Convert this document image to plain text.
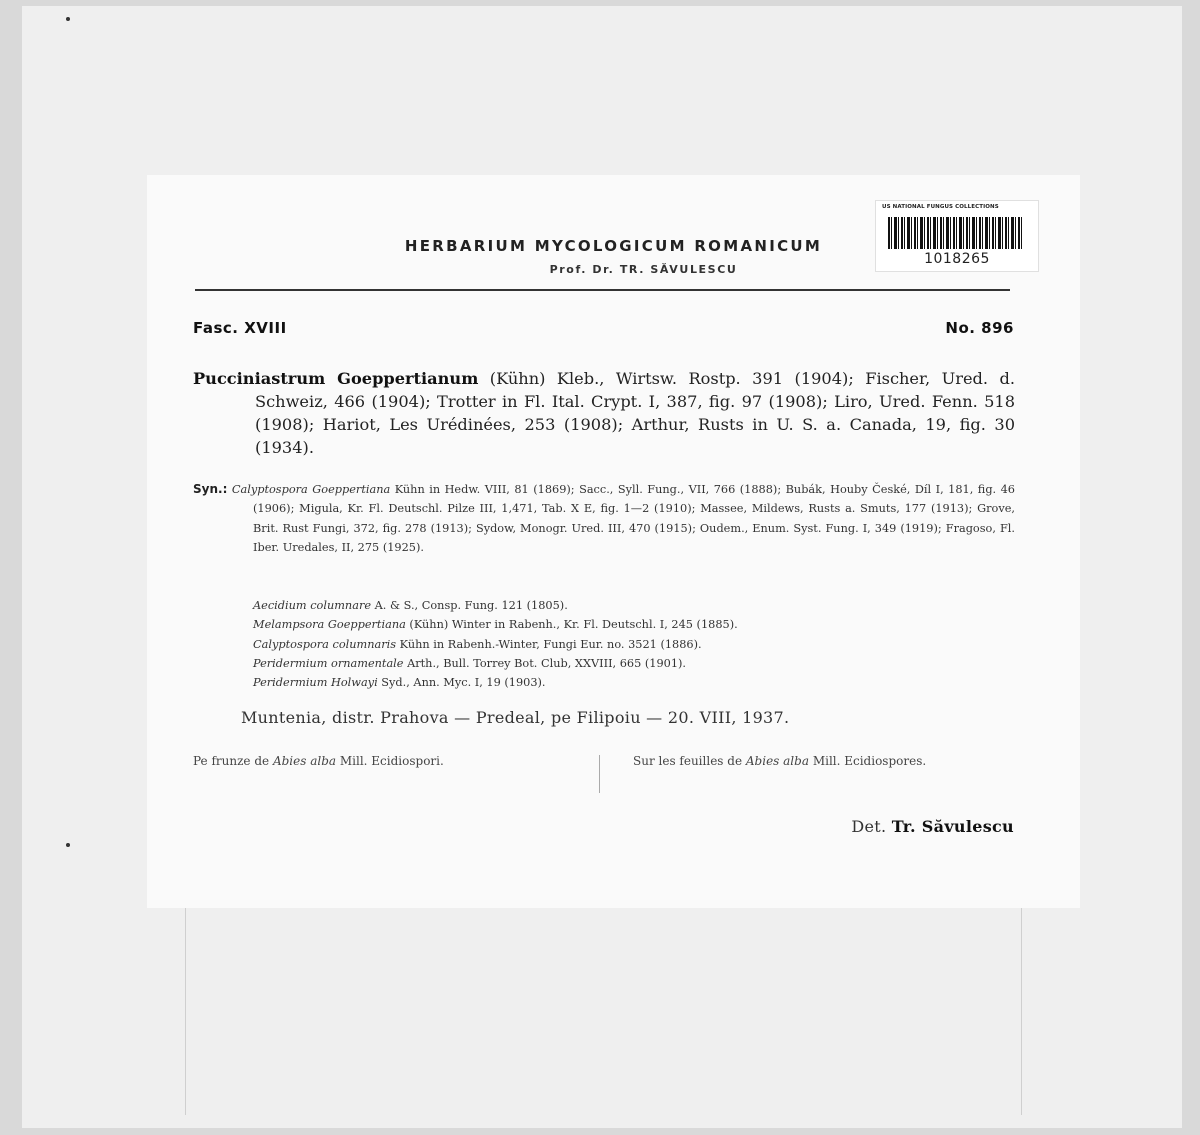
US NATIONAL FUNGUS COLLECTIONS
1018265
HERBARIUM MYCOLOGICUM ROMANICUM
Prof. Dr. TR. SĂVULESCU
Fasc. XVIII	No. 896
Pucciniastrum Goeppertianum (Kühn) Kleb., Wirtsw. Rostp. 391 (1904); Fischer, Ured. d. Schweiz, 466 (1904); Trotter in Fl. Ital. Crypt. I, 387, fig. 97 (1908); Liro, Ured. Fenn. 518 (1908); Hariot, Les Urédinées, 253 (1908); Arthur, Rusts in U. S. a. Canada, 19, fig. 30 (1934).
Syn.: Calyptospora Goeppertiana Kühn in Hedw. VIII, 81 (1869); Sacc., Syll. Fung., VII, 766 (1888); Bubák, Houby České, Díl I, 181, fig. 46 (1906); Migula, Kr. Fl. Deutschl. Pilze III, 1,471, Tab. X E, fig. 1—2 (1910); Massee, Mildews, Rusts a. Smuts, 177 (1913); Grove, Brit. Rust Fungi, 372, fig. 278 (1913); Sydow, Monogr. Ured. III, 470 (1915); Oudem., Enum. Syst. Fung. I, 349 (1919); Fragoso, Fl. Iber. Uredales, II, 275 (1925).
Aecidium columnare A. & S., Consp. Fung. 121 (1805).
Melampsora Goeppertiana (Kühn) Winter in Rabenh., Kr. Fl. Deutschl. I, 245 (1885).
Calyptospora columnaris Kühn in Rabenh.-Winter, Fungi Eur. no. 3521 (1886).
Peridermium ornamentale Arth., Bull. Torrey Bot. Club, XXVIII, 665 (1901).
Peridermium Holwayi Syd., Ann. Myc. I, 19 (1903).
Muntenia, distr. Prahova — Predeal, pe Filipoiu — 20. VIII, 1937.
Pe frunze de Abies alba Mill. Ecidiospori.	Sur les feuilles de Abies alba Mill. Ecidiospores.
Det. Tr. Săvulescu
